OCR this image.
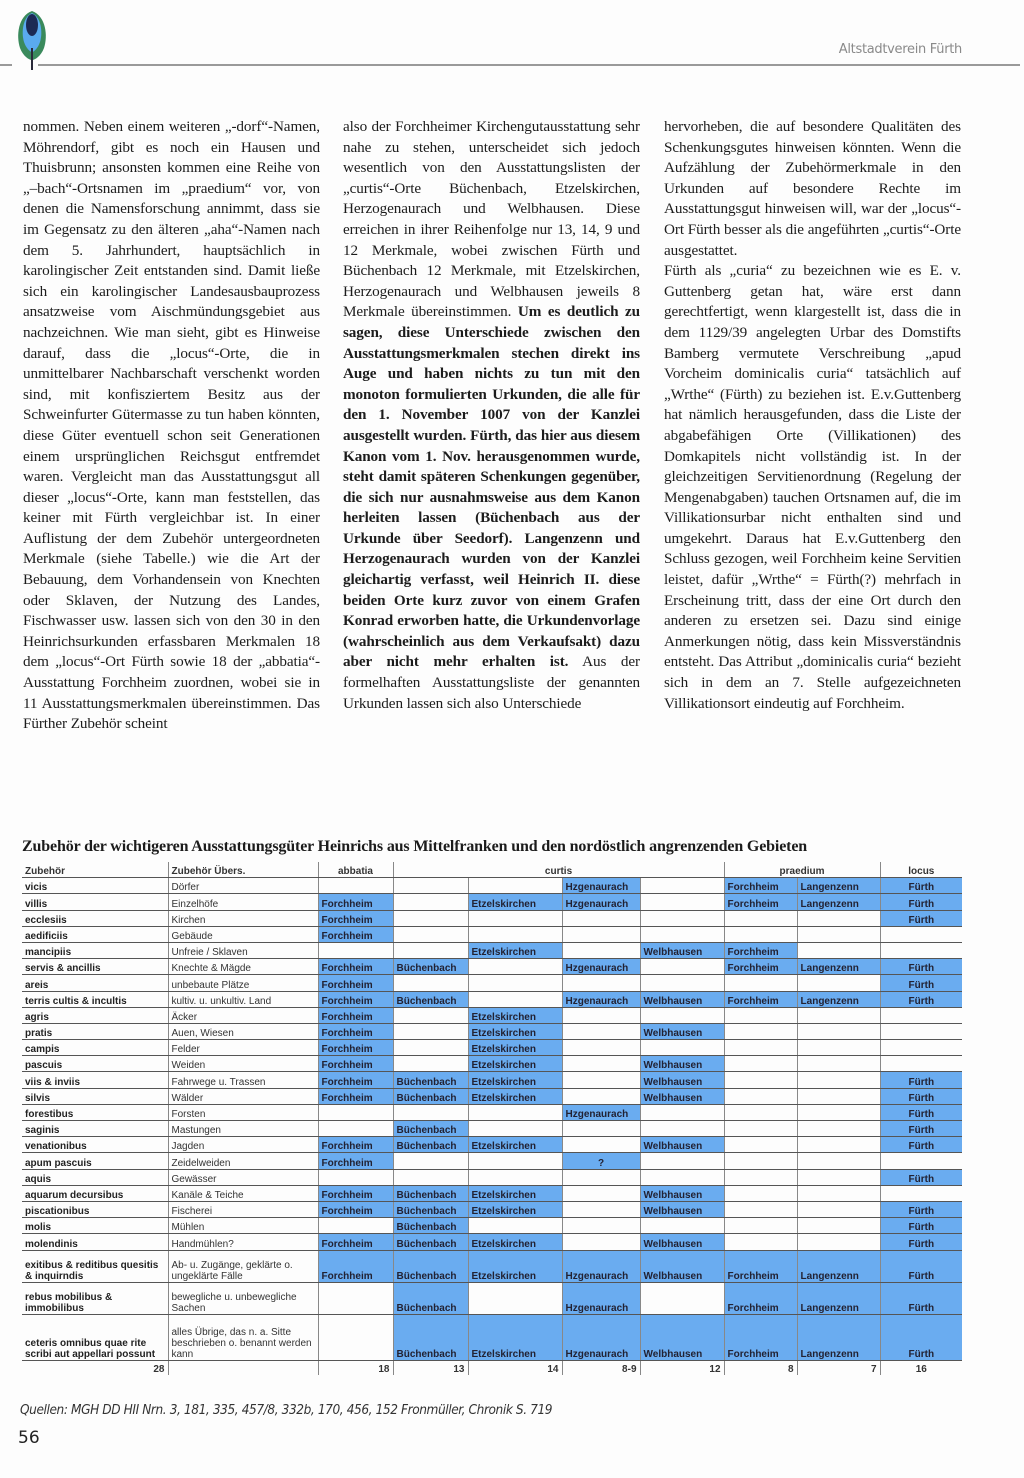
Altstadtverein Fürth

nommen. Neben einem weiteren „-dorf“-Namen, Möhrendorf, gibt es noch ein Hausen und Thuisbrunn; ansonsten kommen eine Reihe von „–bach“-Ortsnamen im „praedium“ vor, von denen die Namensforschung annimmt, dass sie im Gegensatz zu den älteren „aha“-Namen nach dem 5. Jahrhundert, hauptsächlich in karolingischer Zeit entstanden sind. Damit ließe sich ein karolingischer Landesausbauprozess ansatzweise vom Aischmündungsgebiet aus nachzeichnen. Wie man sieht, gibt es Hinweise darauf, dass die „locus“-Orte, die in unmittelbarer Nachbarschaft verschenkt worden sind, mit konfisziertem Besitz aus der Schweinfurter Gütermasse zu tun haben könnten, diese Güter eventuell schon seit Generationen einem ursprünglichen Reichsgut entfremdet waren. Vergleicht man das Ausstattungsgut all dieser „locus“-Orte, kann man feststellen, das keiner mit Fürth vergleichbar ist. In einer Auflistung der dem Zubehör untergeordneten Merkmale (siehe Tabelle.) wie die Art der Bebauung, dem Vorhandensein von Knechten oder Sklaven, der Nutzung des Landes, Fischwasser usw. lassen sich von den 30 in den Heinrichsurkunden erfassbaren Merkmalen 18 dem „locus“-Ort Fürth sowie 18 der „abbatia“-Ausstattung Forchheim zuordnen, wobei sie in 11 Ausstattungsmerkmalen übereinstimmen. Das Fürther Zubehör scheint

also der Forchheimer Kirchengutausstattung sehr nahe zu stehen, unterscheidet sich jedoch wesentlich von den Ausstattungslisten der „curtis“-Orte Büchenbach, Etzelskirchen, Herzogenaurach und Welbhausen. Diese erreichen in ihrer Reihenfolge nur 13, 14, 9 und 12 Merkmale, wobei zwischen Fürth und Büchenbach 12 Merkmale, mit Etzelskirchen, Herzogenaurach und Welbhausen jeweils 8 Merkmale übereinstimmen. Um es deutlich zu sagen, diese Unterschiede zwischen den Ausstattungsmerkmalen stechen direkt ins Auge und haben nichts zu tun mit den monoton formulierten Urkunden, die alle für den 1. November 1007 von der Kanzlei ausgestellt wurden. Fürth, das hier aus diesem Kanon vom 1. Nov. herausgenommen wurde, steht damit späteren Schenkungen gegenüber, die sich nur ausnahmsweise aus dem Kanon herleiten lassen (Büchenbach aus der Urkunde über Seedorf). Langenzenn und Herzogenaurach wurden von der Kanzlei gleichartig verfasst, weil Heinrich II. diese beiden Orte kurz zuvor von einem Grafen Konrad erworben hatte, die Urkundenvorlage (wahrscheinlich aus dem Verkaufsakt) dazu aber nicht mehr erhalten ist. Aus der formelhaften Ausstattungsliste der genannten Urkunden lassen sich also Unterschiede

hervorheben, die auf besondere Qualitäten des Schenkungsgutes hinweisen könnten. Wenn die Aufzählung der Zubehörmerkmale in den Urkunden auf besondere Rechte im Ausstattungsgut hinweisen will, war der „locus“-Ort Fürth besser als die angeführten „curtis“-Orte ausgestattet.

Fürth als „curia“ zu bezeichnen wie es E. v. Guttenberg getan hat, wäre erst dann gerechtfertigt, wenn klargestellt ist, dass die in dem 1129/39 angelegten Urbar des Domstifts Bamberg vermutete Verschreibung „apud Vorcheim dominicalis curia“ tatsächlich auf „Wrthe“ (Fürth) zu beziehen ist. E.v.Guttenberg hat nämlich herausgefunden, dass die Liste der abgabefähigen Orte (Villikationen) des Domkapitels nicht vollständig ist. In der gleichzeitigen Servitienordnung (Regelung der Mengenabgaben) tauchen Ortsnamen auf, die im Villikationsurbar nicht enthalten sind und umgekehrt. Daraus hat E.v.Guttenberg den Schluss gezogen, weil Forchheim keine Servitien leistet, dafür „Wrthe“ = Fürth(?) mehrfach in Erscheinung tritt, dass der eine Ort durch den anderen zu ersetzen sei. Dazu sind einige Anmerkungen nötig, dass kein Missverständnis entsteht. Das Attribut „dominicalis curia“ bezieht sich in dem an 7. Stelle aufgezeichneten Villikationsort eindeutig auf Forchheim.

Zubehör der wichtigeren Ausstattungsgüter Heinrichs aus Mittelfranken und den nordöstlich angrenzenden Gebieten
Zubehör	Zubehör Übers.	abbatia	curtis				praedium		locus
vicis	Dörfer				Hzgenaurach		Forchheim	Langenzenn	Fürth
villis	Einzelhöfe	Forchheim		Etzelskirchen	Hzgenaurach		Forchheim	Langenzenn	Fürth
ecclesiis	Kirchen	Forchheim							Fürth
aedificiis	Gebäude	Forchheim							
mancipiis	Unfreie / Sklaven			Etzelskirchen		Welbhausen	Forchheim		
servis & ancillis	Knechte & Mägde	Forchheim	Büchenbach		Hzgenaurach		Forchheim	Langenzenn	Fürth
areis	unbebaute Plätze	Forchheim							Fürth
terris cultis & incultis	kultiv. u. unkultiv. Land	Forchheim	Büchenbach		Hzgenaurach	Welbhausen	Forchheim	Langenzenn	Fürth
agris	Äcker	Forchheim		Etzelskirchen					
pratis	Auen, Wiesen	Forchheim		Etzelskirchen		Welbhausen			
campis	Felder	Forchheim		Etzelskirchen					
pascuis	Weiden	Forchheim		Etzelskirchen		Welbhausen			
viis & inviis	Fahrwege u. Trassen	Forchheim	Büchenbach	Etzelskirchen		Welbhausen			Fürth
silvis	Wälder	Forchheim	Büchenbach	Etzelskirchen		Welbhausen			Fürth
forestibus	Forsten				Hzgenaurach				Fürth
saginis	Mastungen		Büchenbach						Fürth
venationibus	Jagden	Forchheim	Büchenbach	Etzelskirchen		Welbhausen			Fürth
apum pascuis	Zeidelweiden	Forchheim			?				
aquis	Gewässer								Fürth
aquarum decursibus	Kanäle & Teiche	Forchheim	Büchenbach	Etzelskirchen		Welbhausen			
piscationibus	Fischerei	Forchheim	Büchenbach	Etzelskirchen		Welbhausen			Fürth
molis	Mühlen		Büchenbach						Fürth
molendinis	Handmühlen?	Forchheim	Büchenbach	Etzelskirchen		Welbhausen			Fürth
exitibus & reditibus quesitis & inquirndis	Ab- u. Zugänge, geklärte o. ungeklärte Fälle	Forchheim	Büchenbach	Etzelskirchen	Hzgenaurach	Welbhausen	Forchheim	Langenzenn	Fürth
rebus mobilibus & immobilibus	bewegliche u. unbewegliche Sachen		Büchenbach		Hzgenaurach		Forchheim	Langenzenn	Fürth
ceteris omnibus quae rite scribi aut appellari possunt	alles Übrige, das n. a. Sitte beschrieben o. benannt werden kann		Büchenbach	Etzelskirchen	Hzgenaurach	Welbhausen	Forchheim	Langenzenn	Fürth
28		18	13	14	8-9	12	8	7	16
Quellen: MGH DD HII Nrn. 3, 181, 335, 457/8, 332b, 170, 456, 152 Fronmüller, Chronik S. 719
56
